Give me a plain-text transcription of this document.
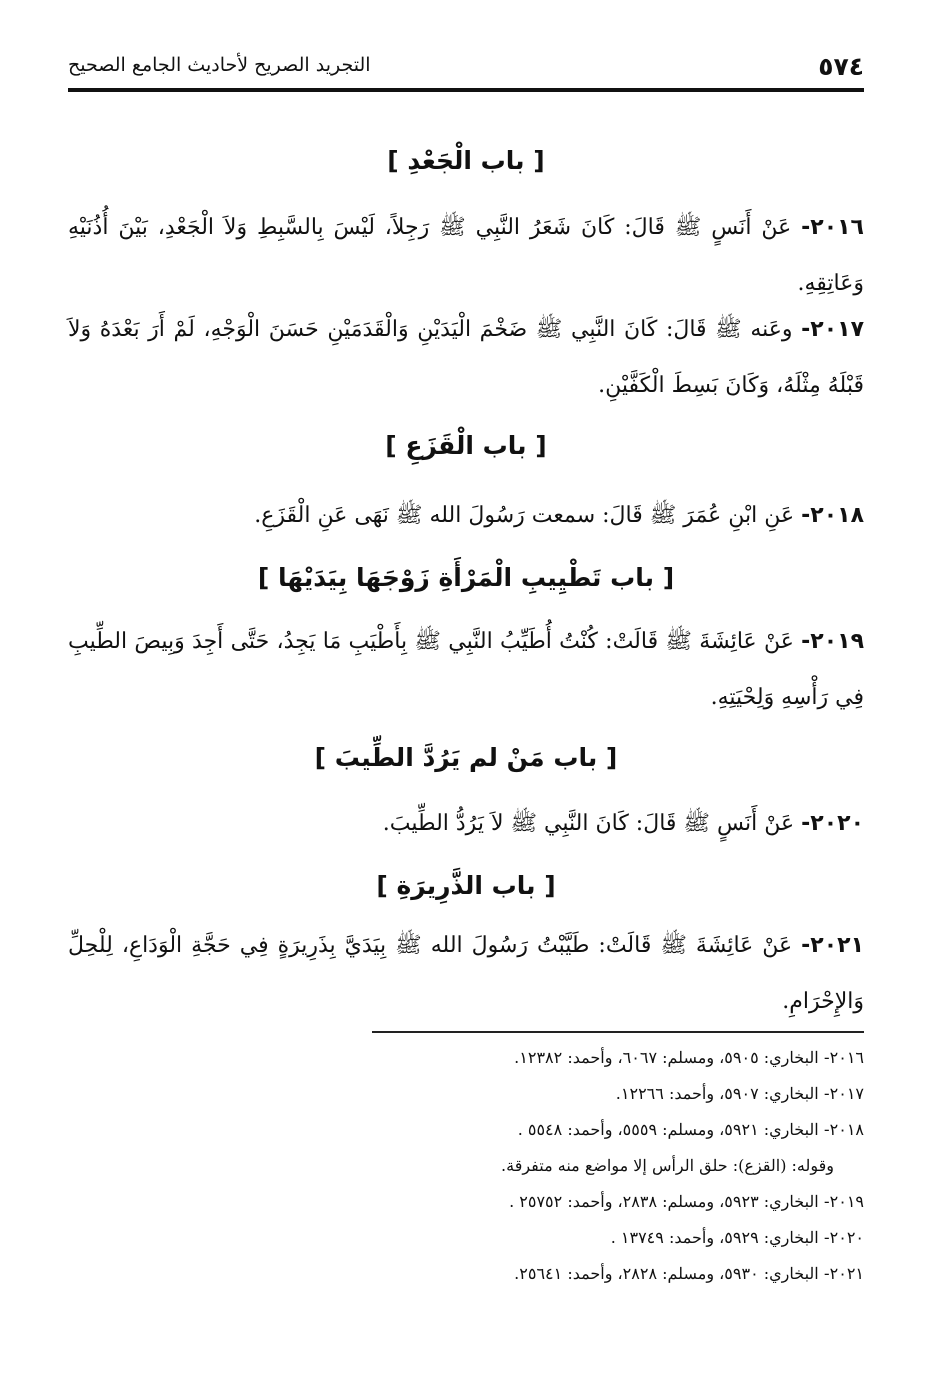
٥٧٤
التجريد الصريح لأحاديث الجامع الصحيح
[ باب الْجَعْدِ ]
٢٠١٦- عَنْ أَنَسٍ ﷺ قَالَ: كَانَ شَعَرُ النَّبِي ﷺ رَجِلاً، لَيْسَ بِالسَّبِطِ وَلاَ الْجَعْدِ، بَيْنَ أُذُنَيْهِ وَعَاتِقِهِ.
٢٠١٧- وعَنه ﷺ قَالَ: كَانَ النَّبِي ﷺ ضَخْمَ الْيَدَيْنِ وَالْقَدَمَيْنِ حَسَنَ الْوَجْهِ، لَمْ أَرَ بَعْدَهُ وَلاَ قَبْلَهُ مِثْلَهُ، وَكَانَ بَسِطَ الْكَفَّيْنِ.
[ باب الْقَزَعِ ]
٢٠١٨- عَنِ ابْنِ عُمَرَ ﷺ قَالَ: سمعت رَسُولَ الله ﷺ نَهَى عَنِ الْقَزَعِ.
[ باب تَطْيِيبِ الْمَرْأَةِ زَوْجَهَا بِيَدَيْهَا ]
٢٠١٩- عَنْ عَائِشَةَ ﷺ قَالَتْ: كُنْتُ أُطَيِّبُ النَّبِي ﷺ بِأَطْيَبِ مَا يَجِدُ، حَتَّى أَجِدَ وَبِيصَ الطِّيبِ فِي رَأْسِهِ وَلِحْيَتِهِ.
[ باب مَنْ لم يَرُدَّ الطِّيبَ ]
٢٠٢٠- عَنْ أَنَسٍ ﷺ قَالَ: كَانَ النَّبِي ﷺ لاَ يَرُدُّ الطِّيبَ.
[ باب الذَّرِيرَةِ ]
٢٠٢١- عَنْ عَائِشَةَ ﷺ قَالَتْ: طَيَّبْتُ رَسُولَ الله ﷺ بِيَدَيَّ بِذَرِيرَةٍ فِي حَجَّةِ الْوَدَاعِ، لِلْحِلِّ وَالإِحْرَامِ.
٢٠١٦- البخاري: ٥٩٠٥، ومسلم: ٦٠٦٧، وأحمد: ١٢٣٨٢.
٢٠١٧- البخاري: ٥٩٠٧، وأحمد: ١٢٢٦٦.
٢٠١٨- البخاري: ٥٩٢١، ومسلم: ٥٥٥٩، وأحمد: ٥٥٤٨ .
وقوله: (القزع): حلق الرأس إلا مواضع منه متفرقة.
٢٠١٩- البخاري: ٥٩٢٣، ومسلم: ٢٨٣٨، وأحمد: ٢٥٧٥٢ .
٢٠٢٠- البخاري: ٥٩٢٩، وأحمد: ١٣٧٤٩ .
٢٠٢١- البخاري: ٥٩٣٠، ومسلم: ٢٨٢٨، وأحمد: ٢٥٦٤١.
